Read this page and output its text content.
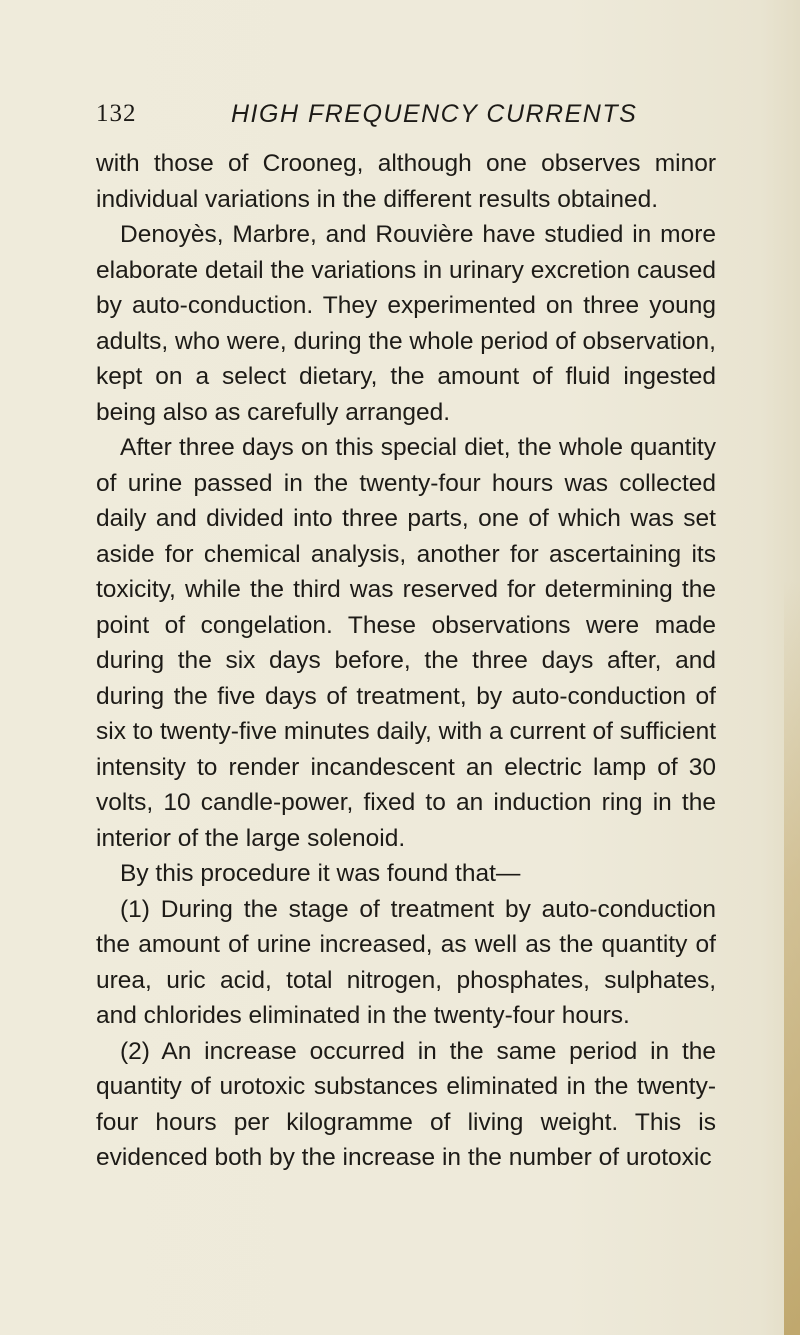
132	HIGH FREQUENCY CURRENTS

with those of Crooneg, although one observes minor individual variations in the different results obtained.

Denoyès, Marbre, and Rouvière have studied in more elaborate detail the variations in urinary excretion caused by auto-conduction. They experimented on three young adults, who were, during the whole period of observation, kept on a select dietary, the amount of fluid ingested being also as carefully arranged.

After three days on this special diet, the whole quantity of urine passed in the twenty-four hours was collected daily and divided into three parts, one of which was set aside for chemical analysis, another for ascertaining its toxicity, while the third was reserved for determining the point of congelation. These observations were made during the six days before, the three days after, and during the five days of treatment, by auto-conduction of six to twenty-five minutes daily, with a current of sufficient intensity to render incandescent an electric lamp of 30 volts, 10 candle-power, fixed to an induction ring in the interior of the large solenoid.

By this procedure it was found that—

(1) During the stage of treatment by auto-conduction the amount of urine increased, as well as the quantity of urea, uric acid, total nitrogen, phosphates, sulphates, and chlorides eliminated in the twenty-four hours.

(2) An increase occurred in the same period in the quantity of urotoxic substances eliminated in the twenty-four hours per kilogramme of living weight. This is evidenced both by the increase in the number of urotoxic
